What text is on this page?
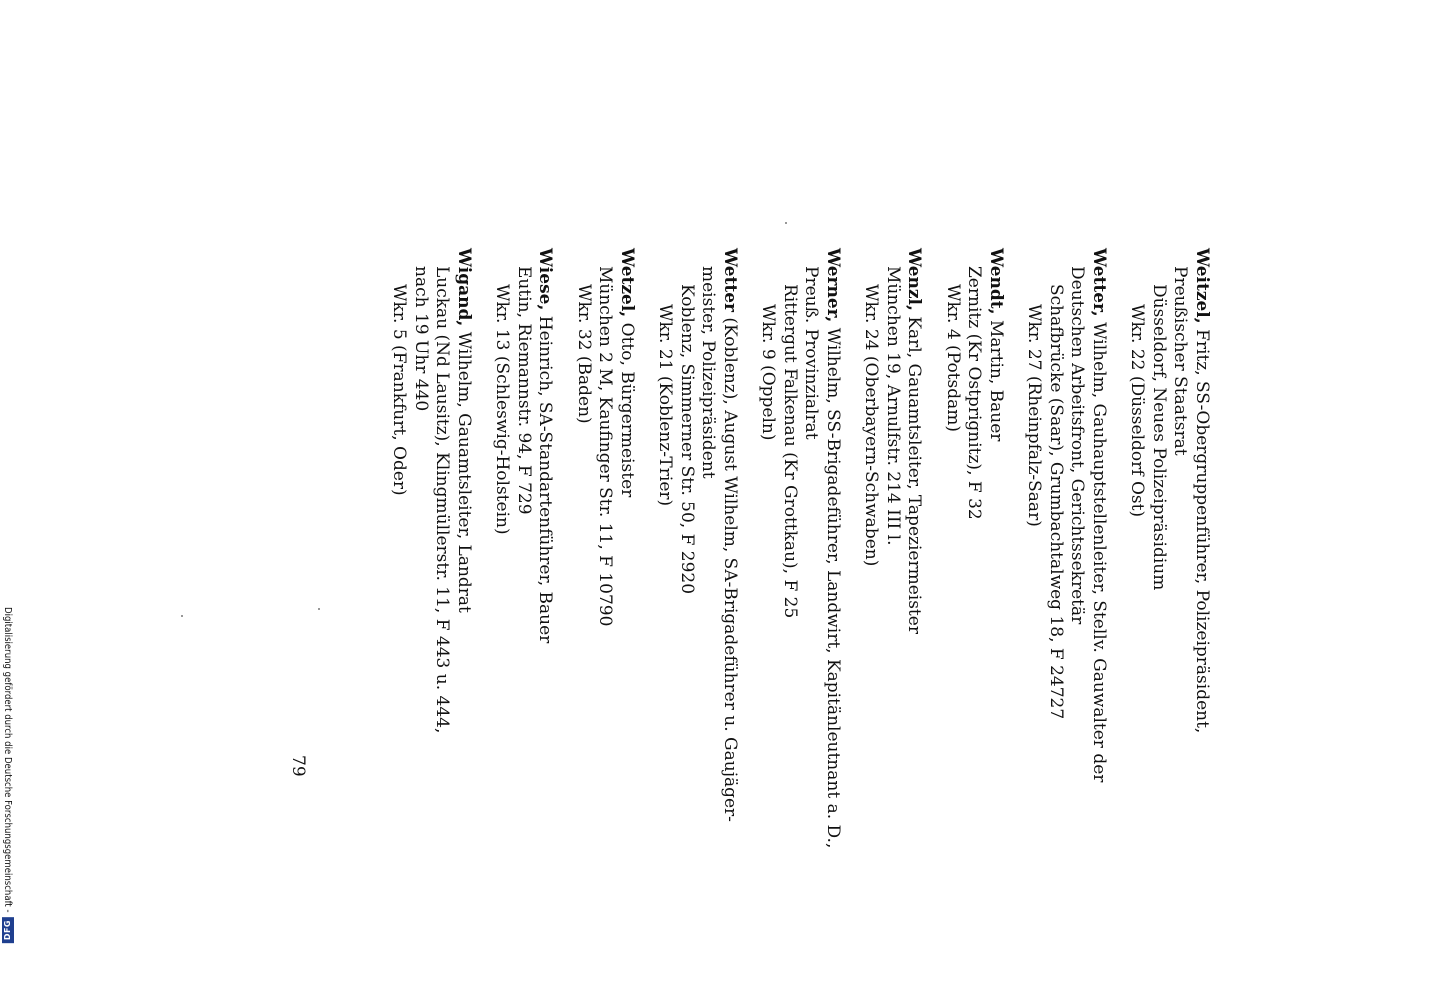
Weitzel, Fritz, SS-Obergruppenführer, Polizeipräsident,
Preußischer Staatsrat
Düsseldorf, Neues Polizeipräsidium
Wkr. 22 (Düsseldorf Ost)
Wetter, Wilhelm, Gauhauptstellenleiter, Stellv. Gauwalter der
Deutschen Arbeitsfront, Gerichtssekretär
Schafbrücke (Saar), Grumbachtalweg 18, F 24727
Wkr. 27 (Rheinpfalz-Saar)
Wendt, Martin, Bauer
Zernitz (Kr Ostprignitz), F 32
Wkr. 4 (Potsdam)
Wenzl, Karl, Gauamtsleiter, Tapeziermeister
München 19, Arnulfstr. 214 III l.
Wkr. 24 (Oberbayern-Schwaben)
Werner, Wilhelm, SS-Brigadeführer, Landwirt, Kapitänleutnant a. D.,
Preuß. Provinzialrat
Rittergut Falkenau (Kr Grottkau), F 25
Wkr. 9 (Oppeln)
Wetter (Koblenz), August Wilhelm, SA-Brigadeführer u. Gaujäger-
meister, Polizeipräsident
Koblenz, Simmerner Str. 50, F 2920
Wkr. 21 (Koblenz-Trier)
Wetzel, Otto, Bürgermeister
München 2 M, Kaufinger Str. 11, F 10790
Wkr. 32 (Baden)
Wiese, Heinrich, SA-Standartenführer, Bauer
Eutin, Riemannstr. 94, F 729
Wkr. 13 (Schleswig-Holstein)
Wigand, Wilhelm, Gauamtsleiter, Landrat
Luckau (Nd Lausitz), Klingmüllerstr. 11, F 443 u. 444,
nach 19 Uhr 440
Wkr. 5 (Frankfurt, Oder)
79
Digitalisierung gefördert durch die Deutsche Forschungsgemeinschaft -
DFG
